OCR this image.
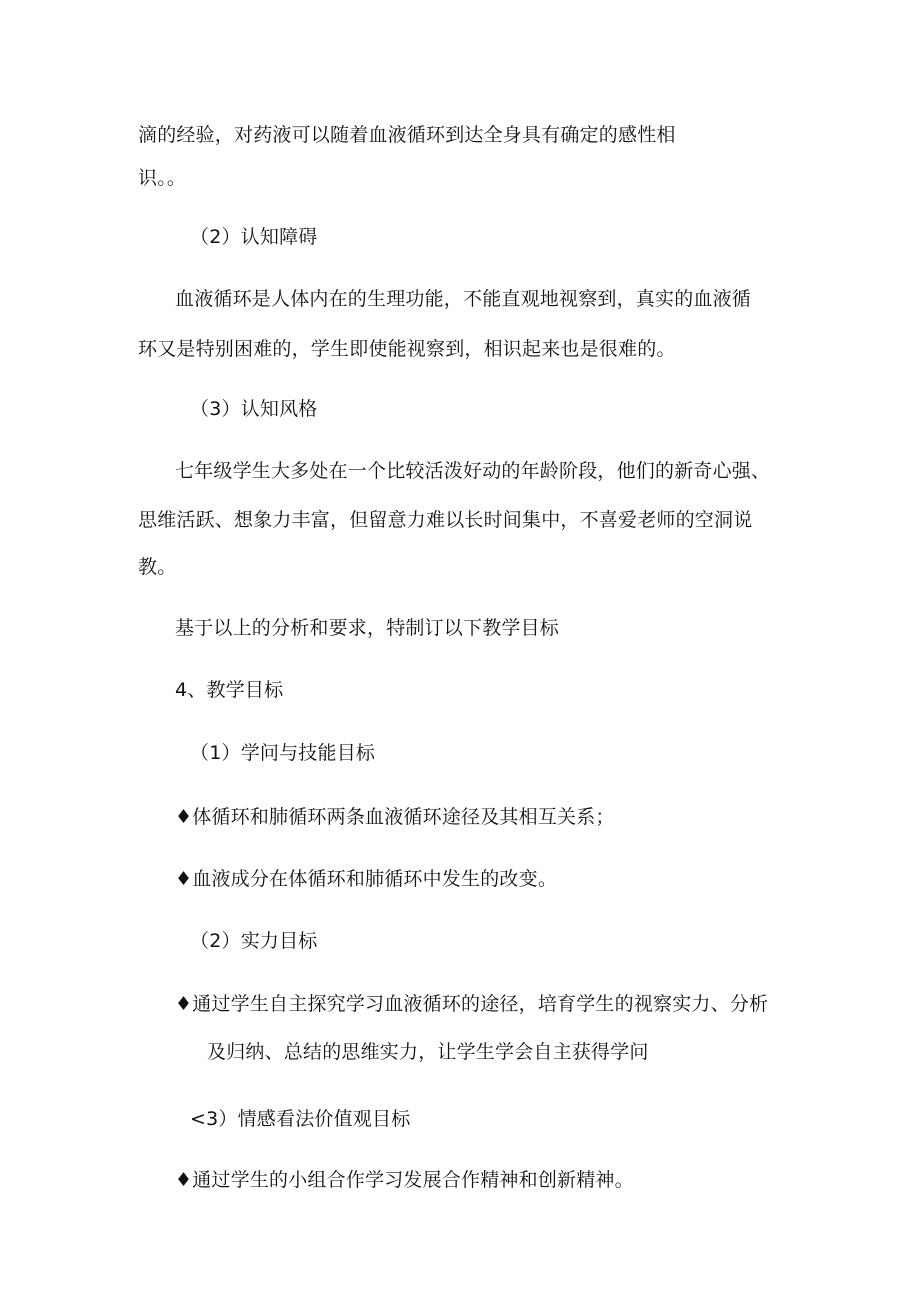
滴的经验，对药液可以随着血液循环到达全身具有确定的感性相
识。。
（2）认知障碍
血液循环是人体内在的生理功能，不能直观地视察到，真实的血液循
环又是特别困难的，学生即使能视察到，相识起来也是很难的。
（3）认知风格
七年级学生大多处在一个比较活泼好动的年龄阶段，他们的新奇心强、
思维活跃、想象力丰富，但留意力难以长时间集中，不喜爱老师的空洞说
教。
基于以上的分析和要求，特制订以下教学目标
4、教学目标
（1）学问与技能目标
♦体循环和肺循环两条血液循环途径及其相互关系；
♦血液成分在体循环和肺循环中发生的改变。
（2）实力目标
♦通过学生自主探究学习血液循环的途径，培育学生的视察实力、分析
及归纳、总结的思维实力，让学生学会自主获得学问
<3）情感看法价值观目标
♦通过学生的小组合作学习发展合作精神和创新精神。
